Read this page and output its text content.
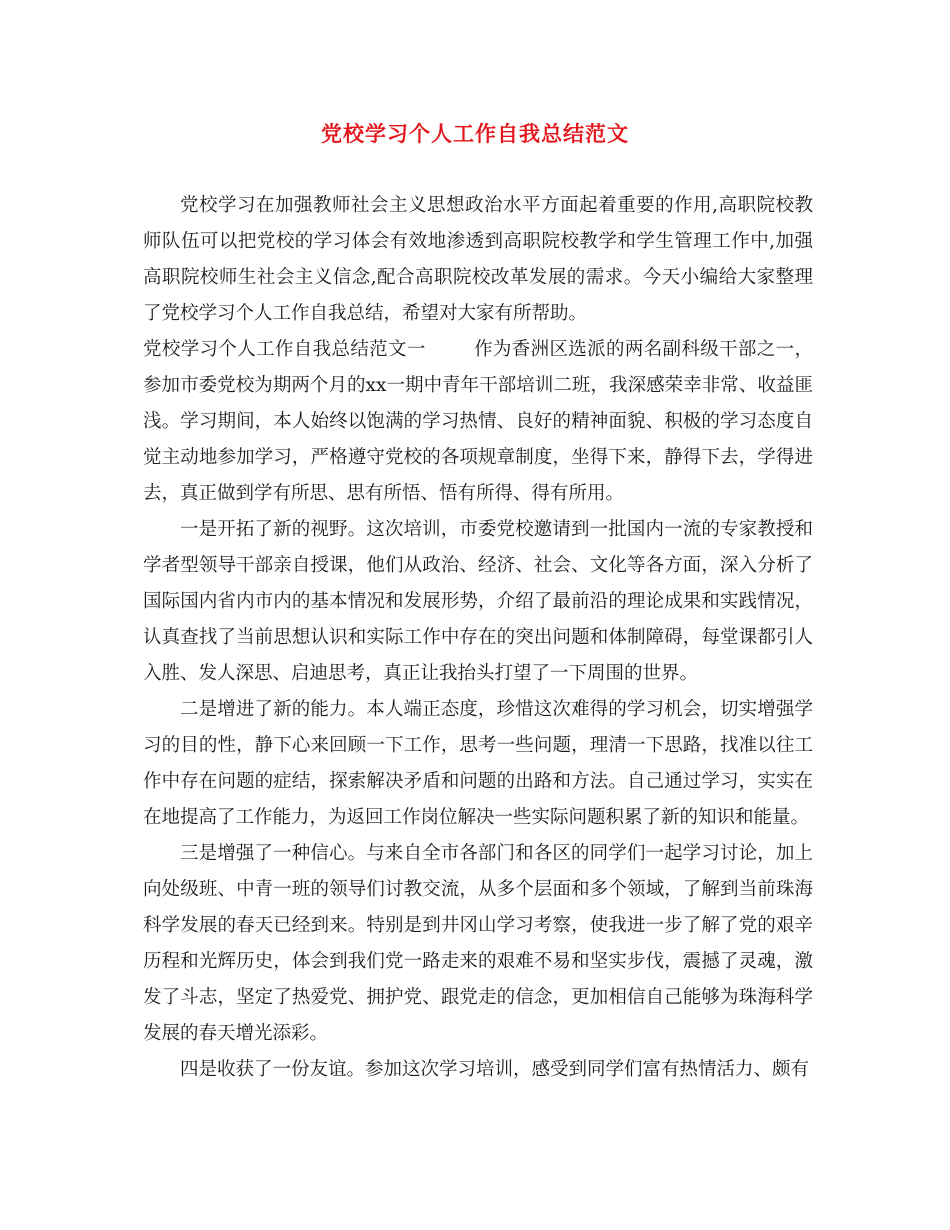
党校学习个人工作自我总结范文

党校学习在加强教师社会主义思想政治水平方面起着重要的作用,高职院校教师队伍可以把党校的学习体会有效地渗透到高职院校教学和学生管理工作中,加强高职院校师生社会主义信念,配合高职院校改革发展的需求。今天小编给大家整理了党校学习个人工作自我总结，希望对大家有所帮助。

党校学习个人工作自我总结范文一	作为香洲区选派的两名副科级干部之一，参加市委党校为期两个月的xx一期中青年干部培训二班，我深感荣幸非常、收益匪浅。学习期间，本人始终以饱满的学习热情、良好的精神面貌、积极的学习态度自觉主动地参加学习，严格遵守党校的各项规章制度，坐得下来，静得下去，学得进去，真正做到学有所思、思有所悟、悟有所得、得有所用。

一是开拓了新的视野。这次培训，市委党校邀请到一批国内一流的专家教授和学者型领导干部亲自授课，他们从政治、经济、社会、文化等各方面，深入分析了国际国内省内市内的基本情况和发展形势，介绍了最前沿的理论成果和实践情况，认真查找了当前思想认识和实际工作中存在的突出问题和体制障碍，每堂课都引人入胜、发人深思、启迪思考，真正让我抬头打望了一下周围的世界。

二是增进了新的能力。本人端正态度，珍惜这次难得的学习机会，切实增强学习的目的性，静下心来回顾一下工作，思考一些问题，理清一下思路，找准以往工作中存在问题的症结，探索解决矛盾和问题的出路和方法。自己通过学习，实实在在地提高了工作能力，为返回工作岗位解决一些实际问题积累了新的知识和能量。

三是增强了一种信心。与来自全市各部门和各区的同学们一起学习讨论，加上向处级班、中青一班的领导们讨教交流，从多个层面和多个领域，了解到当前珠海科学发展的春天已经到来。特别是到井冈山学习考察，使我进一步了解了党的艰辛历程和光辉历史，体会到我们党一路走来的艰难不易和坚实步伐，震撼了灵魂，激发了斗志，坚定了热爱党、拥护党、跟党走的信念，更加相信自己能够为珠海科学发展的春天增光添彩。

四是收获了一份友谊。参加这次学习培训，感受到同学们富有热情活力、颇有
